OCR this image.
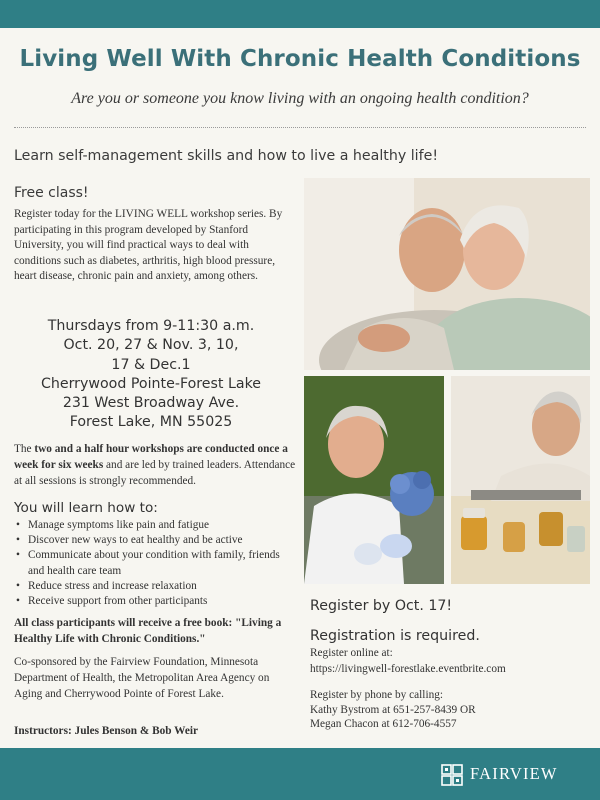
Living Well With Chronic Health Conditions
Are you or someone you know living with an ongoing health condition?
Learn self-management skills and how to live a healthy life!
Free class!

Register today for the LIVING WELL workshop series. By participating in this program developed by Stanford University, you will find practical ways to deal with conditions such as diabetes, arthritis, high blood pressure, heart disease, chronic pain and anxiety, among others.

Thursdays from 9-11:30 a.m.
Oct. 20, 27 & Nov. 3, 10,
17 & Dec.1
Cherrywood Pointe-Forest Lake
231 West Broadway Ave.
Forest Lake, MN 55025

The two and a half hour workshops are conducted once a week for six weeks and are led by trained leaders. Attendance at all sessions is strongly recommended.

You will learn how to:
• Manage symptoms like pain and fatigue
• Discover new ways to eat healthy and be active
• Communicate about your condition with family, friends and health care team
• Reduce stress and increase relaxation
• Receive support from other participants

All class participants will receive a free book: "Living a Healthy Life with Chronic Conditions."

Co-sponsored by the Fairview Foundation, Minnesota Department of Health, the Metropolitan Area Agency on Aging and Cherrywood Pointe of Forest Lake.

Instructors: Jules Benson & Bob Weir
Register by Oct. 17!
Registration is required.
Register online at:
https://livingwell-forestlake.eventbrite.com
Register by phone by calling:
Kathy Bystrom at 651-257-8439 OR
Megan Chacon at 612-706-4557
FAIRVIEW
